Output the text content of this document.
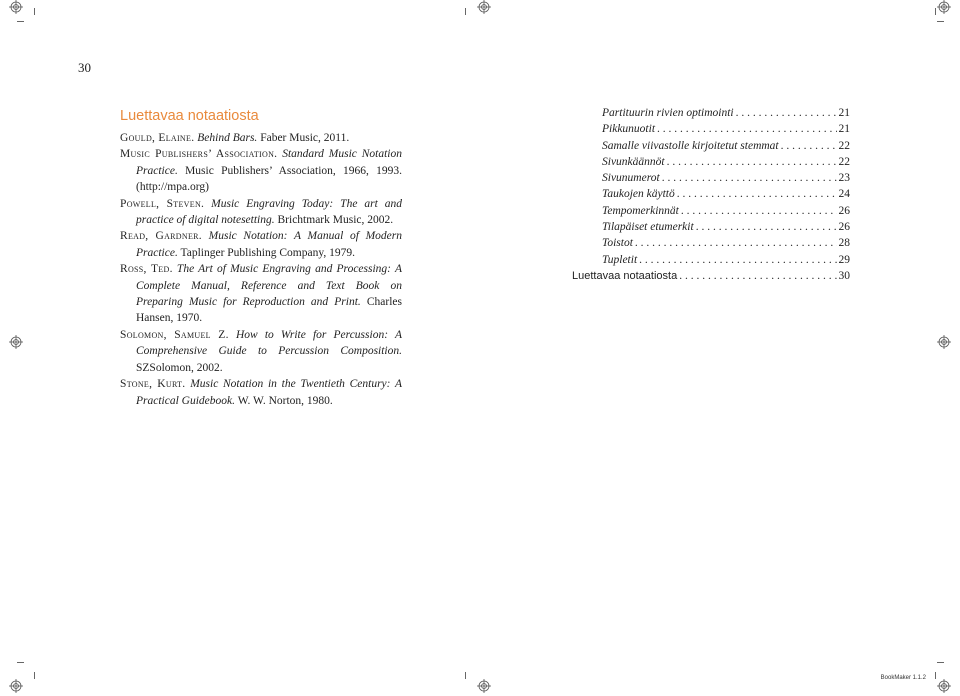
30
Luettavaa notaatiosta
Gould, Elaine. Behind Bars. Faber Music, 2011.
Music Publishers’ Association. Standard Music Notation Practice. Music Publishers’ Association, 1966, 1993. (http://mpa.org)
Powell, Steven. Music Engraving Today: The art and practice of digital notesetting. Brichtmark Music, 2002.
Read, Gardner. Music Notation: A Manual of Modern Practice. Taplinger Publishing Company, 1979.
Ross, Ted. The Art of Music Engraving and Processing: A Complete Manual, Reference and Text Book on Preparing Music for Reproduction and Print. Charles Hansen, 1970.
Solomon, Samuel Z. How to Write for Percussion: A Comprehensive Guide to Percussion Composition. SZSolomon, 2002.
Stone, Kurt. Music Notation in the Twentieth Century: A Practical Guidebook. W. W. Norton, 1980.
Partituurin rivien optimointi . . .	21
Pikkunuotit . . .	21
Samalle viivastolle kirjoitetut stemmat . . .	22
Sivunkäännöt . . .	22
Sivunumerot . . .	23
Taukojen käyttö . . .	24
Tempomerkinnät . . .	26
Tilapäiset etumerkit . . .	26
Toistot . . .	28
Tupletit . . .	29
Luettavaa notaatiosta . . .	30
BookMaker 1.1.2
